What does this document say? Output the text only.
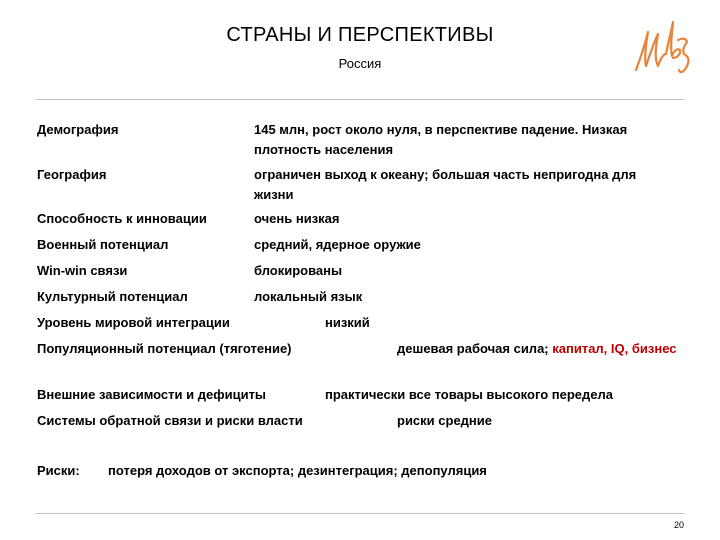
СТРАНЫ И ПЕРСПЕКТИВЫ
Россия
Демография	145 млн, рост около нуля, в перспективе падение. Низкая плотность населения
География	ограничен выход к океану; большая часть непригодна для жизни
Способность к инновации	очень низкая
Военный потенциал	средний, ядерное оружие
Win-win связи	блокированы
Культурный потенциал	локальный язык
Уровень мировой интеграции	низкий
Популяционный потенциал (тяготение)	дешевая рабочая сила; капитал, IQ, бизнес
Внешние зависимости и дефициты	практически все товары высокого передела
Системы обратной связи и риски власти	риски средние
Риски: потеря доходов от экспорта; дезинтеграция; депопуляция
20
